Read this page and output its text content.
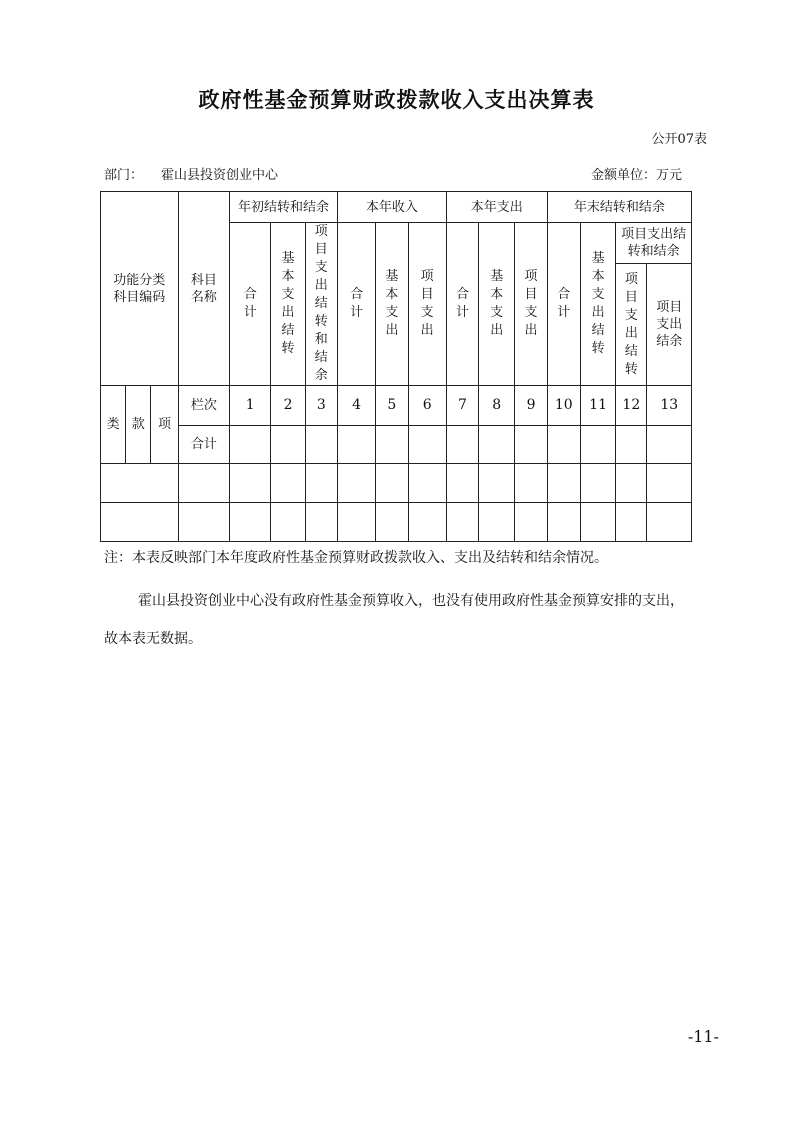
政府性基金预算财政拨款收入支出决算表
公开07表
部门： 霍山县投资创业中心	金额单位：万元
功能分类科目编码			科目名称	年初结转和结余			本年收入			本年支出			年末结转和结余			
				合计	基本支出结转	项目支出结转和结余	合计	基本支出	项目支出	合计	基本支出	项目支出	合计	基本支出结转	项目支出结转和结余	
															项目支出结转	项目支出结余

类	款	项	栏次	1	2	3	4	5	6	7	8	9	10	11	12	13
			合计													

注：本表反映部门本年度政府性基金预算财政拨款收入、支出及结转和结余情况。

霍山县投资创业中心没有政府性基金预算收入，也没有使用政府性基金预算安排的支出，故本表无数据。

-11-
